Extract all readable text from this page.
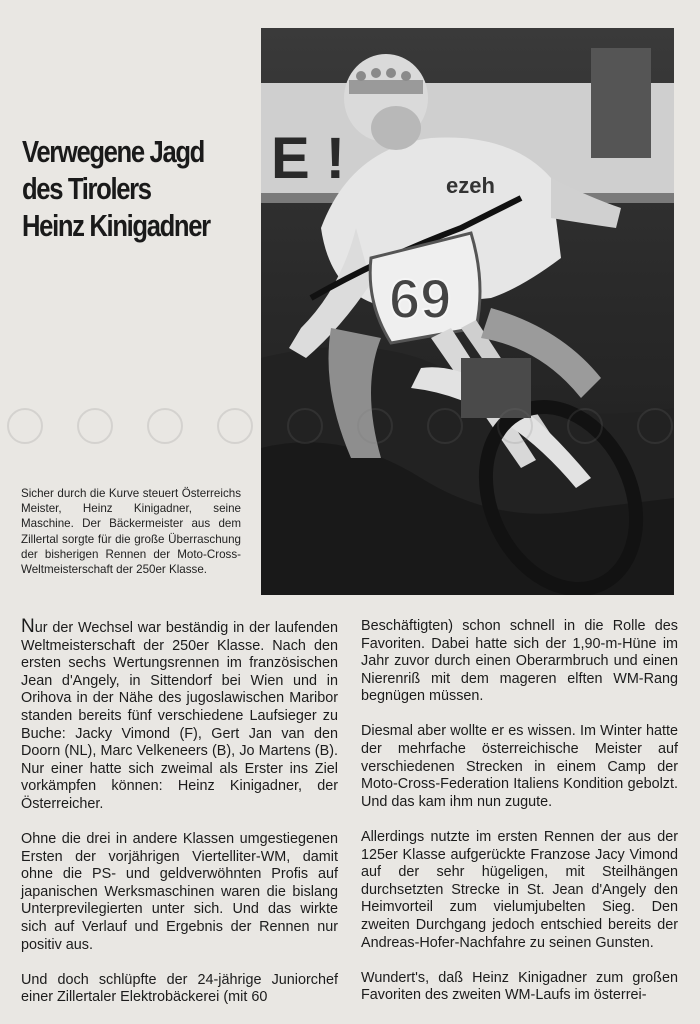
Verwegene Jagd
des Tirolers
Heinz Kinigadner
E !	ezeh
69

Sicher durch die Kurve steuert Österreichs Meister, Heinz Kinigadner, seine Maschine. Der Bäckermeister aus dem Zillertal sorgte für die große Überraschung der bisherigen Rennen der Moto-Cross-Weltmeisterschaft der 250er Klasse.

Nur der Wechsel war beständig in der laufenden Weltmeisterschaft der 250er Klasse. Nach den ersten sechs Wertungsrennen im französischen Jean d'Angely, in Sittendorf bei Wien und in Orihova in der Nähe des jugoslawischen Maribor standen bereits fünf verschiedene Laufsieger zu Buche: Jacky Vimond (F), Gert Jan van den Doorn (NL), Marc Velkeneers (B), Jo Martens (B). Nur einer hatte sich zweimal als Erster ins Ziel vorkämpfen können: Heinz Kinigadner, der Österreicher.

Ohne die drei in andere Klassen umgestiegenen Ersten der vorjährigen Viertelliter-WM, damit ohne die PS- und geldverwöhnten Profis auf japanischen Werksmaschinen waren die bislang Unterprevilegierten unter sich. Und das wirkte sich auf Verlauf und Ergebnis der Rennen nur positiv aus.

Und doch schlüpfte der 24-jährige Juniorchef einer Zillertaler Elektrobäckerei (mit 60

Beschäftigten) schon schnell in die Rolle des Favoriten. Dabei hatte sich der 1,90-m-Hüne im Jahr zuvor durch einen Oberarmbruch und einen Nierenriß mit dem mageren elften WM-Rang begnügen müssen.

Diesmal aber wollte er es wissen. Im Winter hatte der mehrfache österreichische Meister auf verschiedenen Strecken in einem Camp der Moto-Cross-Federation Italiens Kondition gebolzt. Und das kam ihm nun zugute.

Allerdings nutzte im ersten Rennen der aus der 125er Klasse aufgerückte Franzose Jacy Vimond auf der sehr hügeligen, mit Steilhängen durchsetzten Strecke in St. Jean d'Angely den Heimvorteil zum vielumjubelten Sieg. Den zweiten Durchgang jedoch entschied bereits der Andreas-Hofer-Nachfahre zu seinen Gunsten.

Wundert's, daß Heinz Kinigadner zum großen Favoriten des zweiten WM-Laufs im österrei-
